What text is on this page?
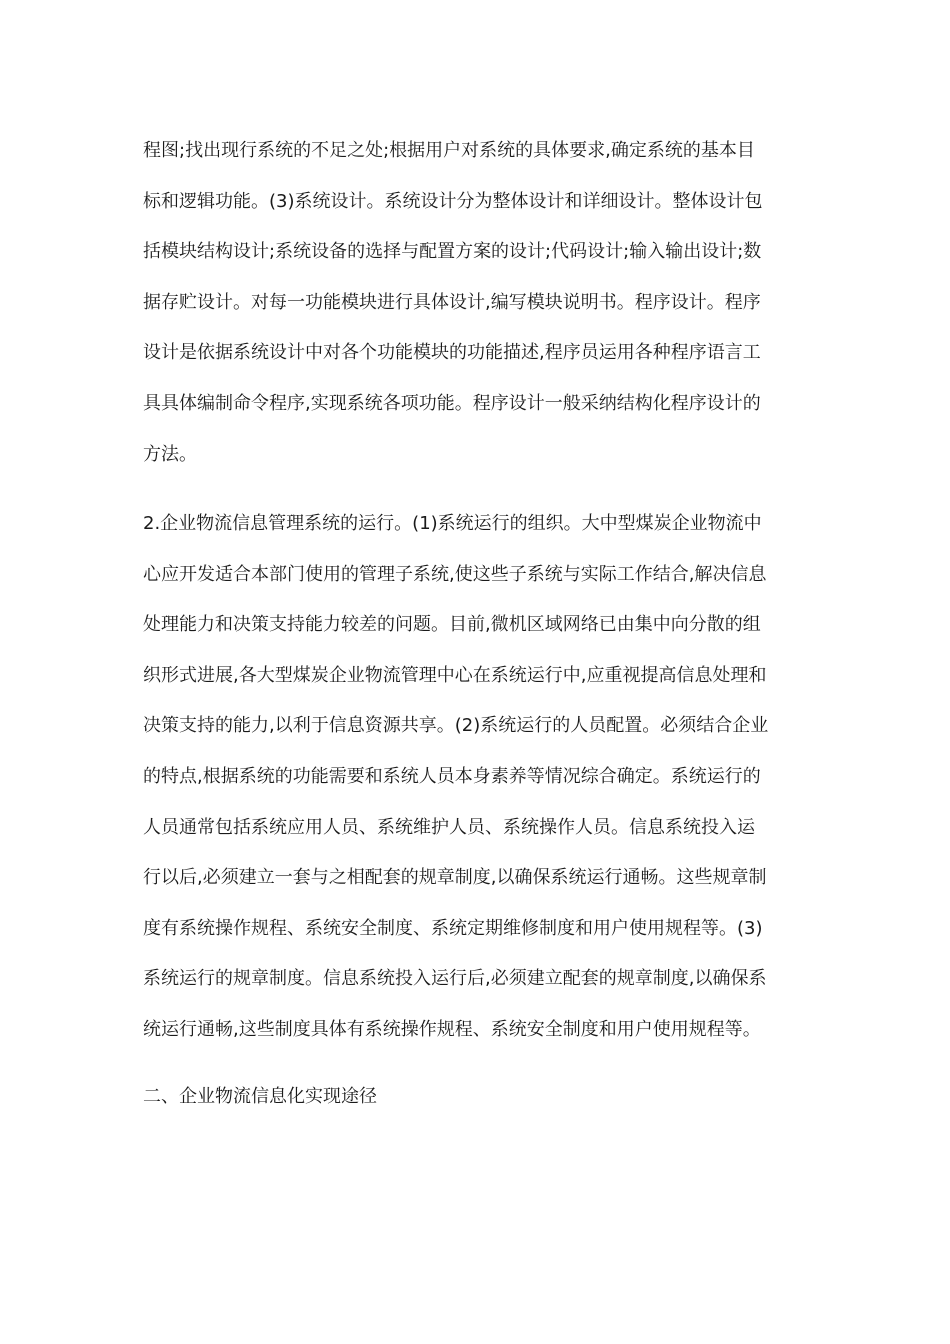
程图;找出现行系统的不足之处;根据用户对系统的具体要求,确定系统的基本目
标和逻辑功能。(3)系统设计。系统设计分为整体设计和详细设计。整体设计包
括模块结构设计;系统设备的选择与配置方案的设计;代码设计;输入输出设计;数
据存贮设计。对每一功能模块进行具体设计,编写模块说明书。程序设计。程序
设计是依据系统设计中对各个功能模块的功能描述,程序员运用各种程序语言工
具具体编制命令程序,实现系统各项功能。程序设计一般采纳结构化程序设计的
方法。
2.企业物流信息管理系统的运行。(1)系统运行的组织。大中型煤炭企业物流中
心应开发适合本部门使用的管理子系统,使这些子系统与实际工作结合,解决信息
处理能力和决策支持能力较差的问题。目前,微机区域网络已由集中向分散的组
织形式进展,各大型煤炭企业物流管理中心在系统运行中,应重视提高信息处理和
决策支持的能力,以利于信息资源共享。(2)系统运行的人员配置。必须结合企业
的特点,根据系统的功能需要和系统人员本身素养等情况综合确定。系统运行的
人员通常包括系统应用人员、系统维护人员、系统操作人员。信息系统投入运
行以后,必须建立一套与之相配套的规章制度,以确保系统运行通畅。这些规章制
度有系统操作规程、系统安全制度、系统定期维修制度和用户使用规程等。(3)
系统运行的规章制度。信息系统投入运行后,必须建立配套的规章制度,以确保系
统运行通畅,这些制度具体有系统操作规程、系统安全制度和用户使用规程等。
二、企业物流信息化实现途径
